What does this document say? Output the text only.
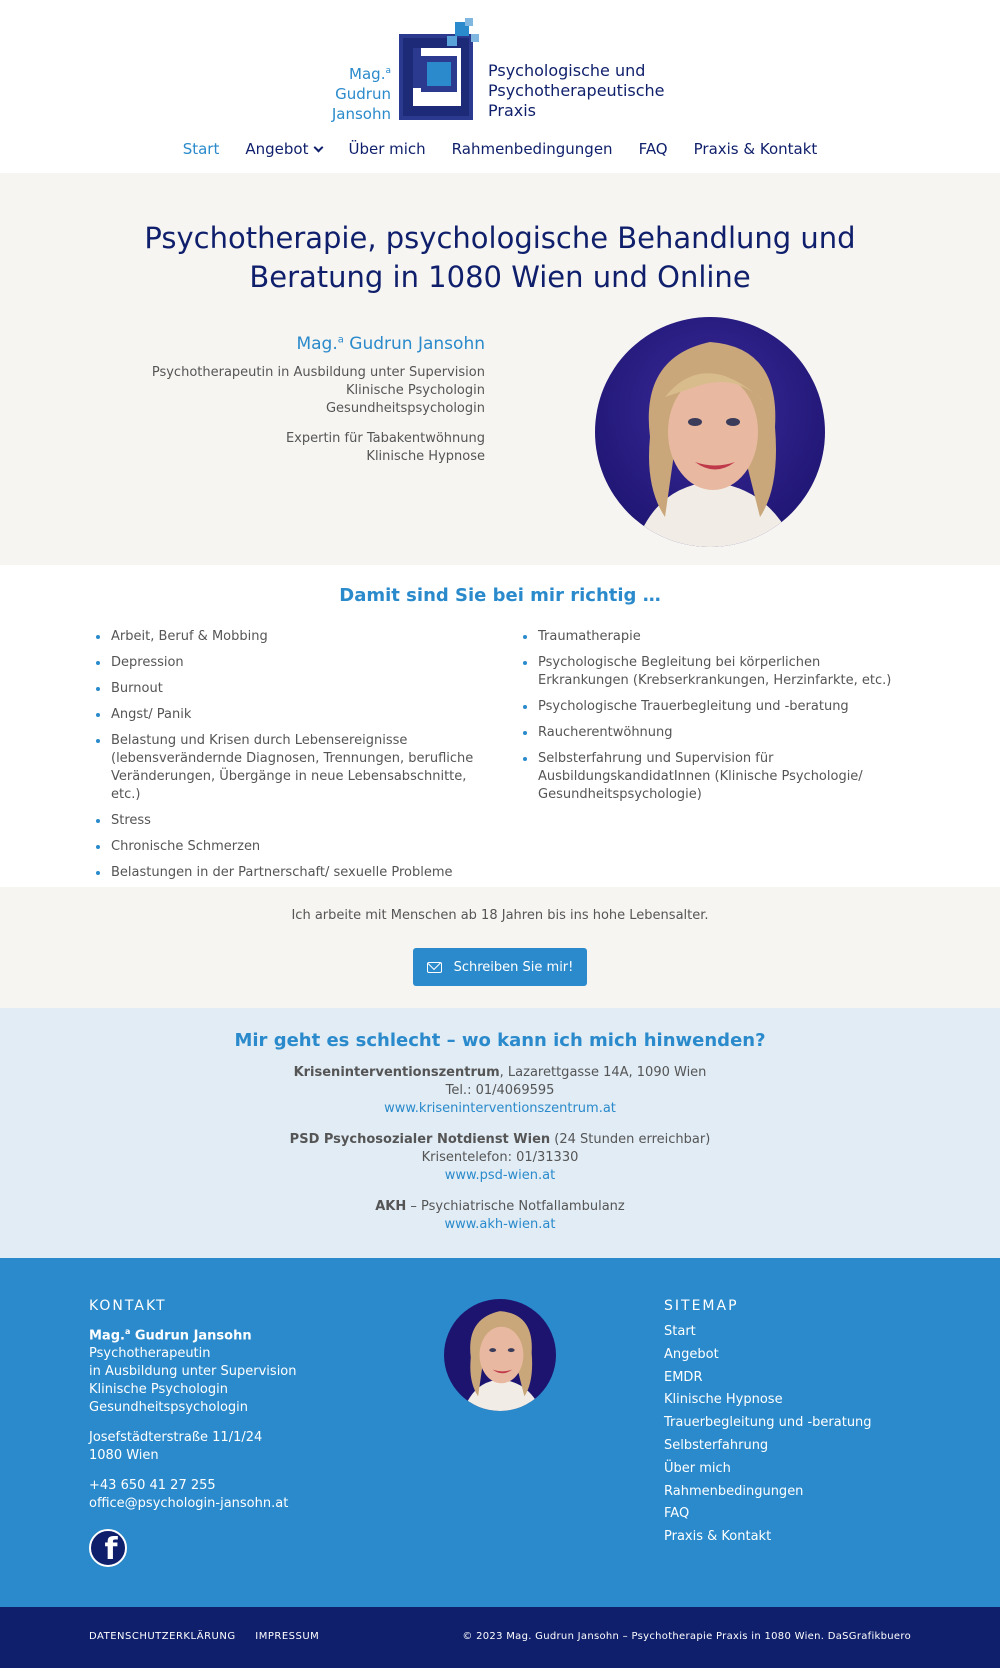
Mag.$^a$
Gudrun
Jansohn
Psychologische und
Psychotherapeutische
Praxis
Start Angebot	Über mich Rahmenbedingungen FAQ Praxis & Kontakt
Psychotherapie, psychologische Behandlung und
Beratung in 1080 Wien und Online
Mag.$^a$ Gudrun Jansohn
Psychotherapeutin in Ausbildung unter Supervision
Klinische Psychologin
Gesundheitspsychologin
Expertin für Tabakentwöhnung
Klinische Hypnose
Damit sind Sie bei mir richtig …
Arbeit, Beruf & Mobbing
Depression
Burnout
Angst/ Panik
Belastung und Krisen durch Lebensereignisse (lebensverändernde Diagnosen, Trennungen, berufliche Veränderungen, Übergänge in neue Lebensabschnitte, etc.)
Stress
Chronische Schmerzen
Belastungen in der Partnerschaft/ sexuelle Probleme
Traumatherapie
Psychologische Begleitung bei körperlichen Erkrankungen (Krebserkrankungen, Herzinfarkte, etc.)
Psychologische Trauerbegleitung und -beratung
Raucherentwöhnung
Selbsterfahrung und Supervision für AusbildungskandidatInnen (Klinische Psychologie/ Gesundheitspsychologie)

Ich arbeite mit Menschen ab 18 Jahren bis ins hohe Lebensalter.

Schreiben Sie mir!
Mir geht es schlecht – wo kann ich mich hinwenden?
Kriseninterventionszentrum, Lazarettgasse 14A, 1090 Wien
Tel.: 01/4069595
www.kriseninterventionszentrum.at
PSD Psychosozialer Notdienst Wien (24 Stunden erreichbar)
Krisentelefon: 01/31330
www.psd-wien.at
AKH – Psychiatrische Notfallambulanz
www.akh-wien.at
KONTAKT
Mag.$^a$ Gudrun Jansohn
Psychotherapeutin
in Ausbildung unter Supervision
Klinische Psychologin
Gesundheitspsychologin
Josefstädterstraße 11/1/24
1080 Wien
+43 650 41 27 255
office@psychologin-jansohn.at
f
SITEMAP
Start
Angebot
EMDR
Klinische Hypnose
Trauerbegleitung und -beratung
Selbsterfahrung
Über mich
Rahmenbedingungen
FAQ
Praxis & Kontakt
DATENSCHUTZERKLÄRUNG IMPRESSUM	© 2023 Mag. Gudrun Jansohn – Psychotherapie Praxis in 1080 Wien. DaSGrafikbuero
